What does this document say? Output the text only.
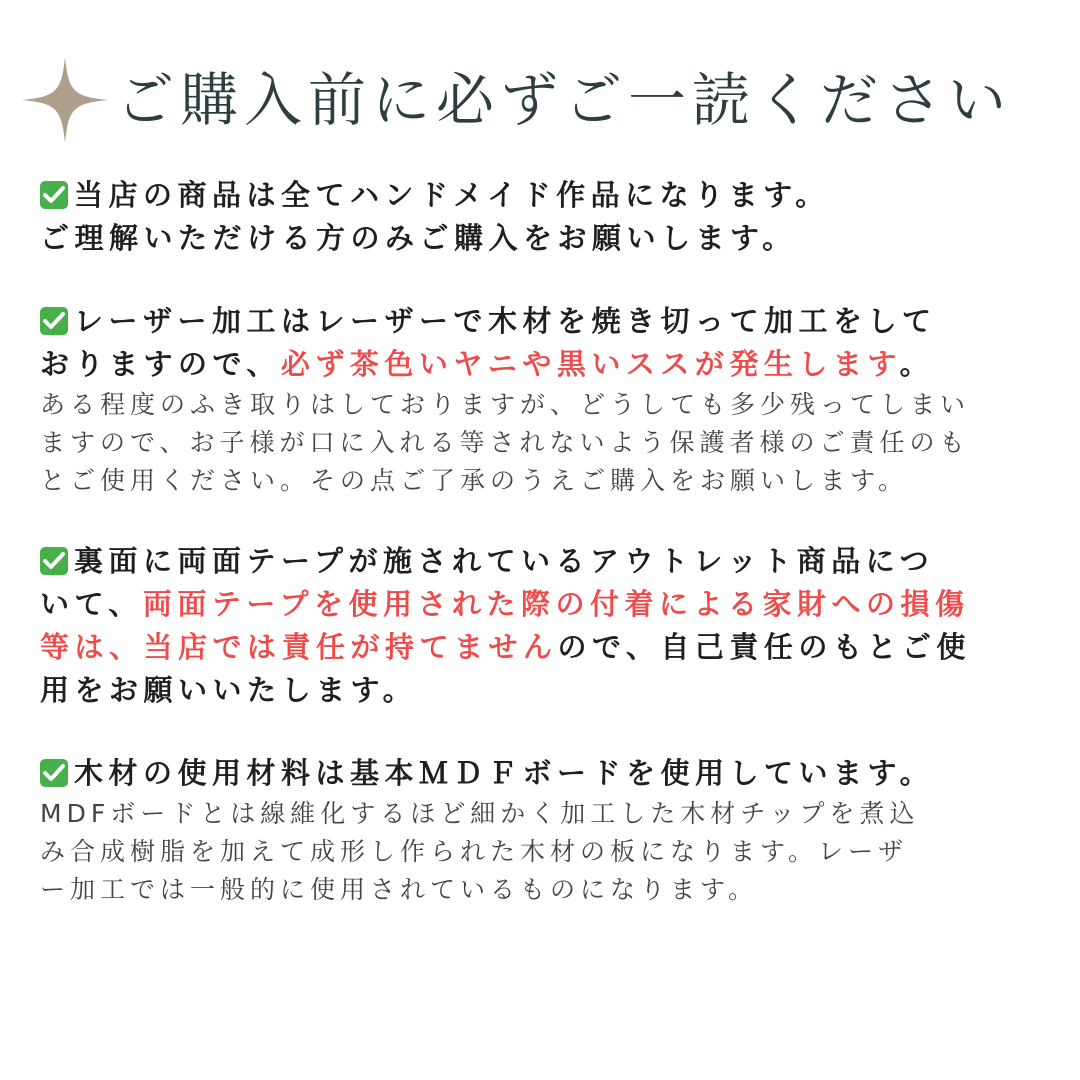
ご購入前に必ずご一読ください
当店の商品は全てハンドメイド作品になります。
ご理解いただける方のみご購入をお願いします。
レーザー加工はレーザーで木材を焼き切って加工をして
おりますので、必ず茶色いヤニや黒いススが発生します。
ある程度のふき取りはしておりますが、どうしても多少残ってしまい
ますので、お子様が口に入れる等されないよう保護者様のご責任のも
とご使用ください。その点ご了承のうえご購入をお願いします。
裏面に両面テープが施されているアウトレット商品につ
いて、両面テープを使用された際の付着による家財への損傷
等は、当店では責任が持てませんので、自己責任のもとご使
用をお願いいたします。
木材の使用材料は基本ＭＤＦボードを使用しています。
MDFボードとは線維化するほど細かく加工した木材チップを煮込
み合成樹脂を加えて成形し作られた木材の板になります。レーザ
ー加工では一般的に使用されているものになります。
